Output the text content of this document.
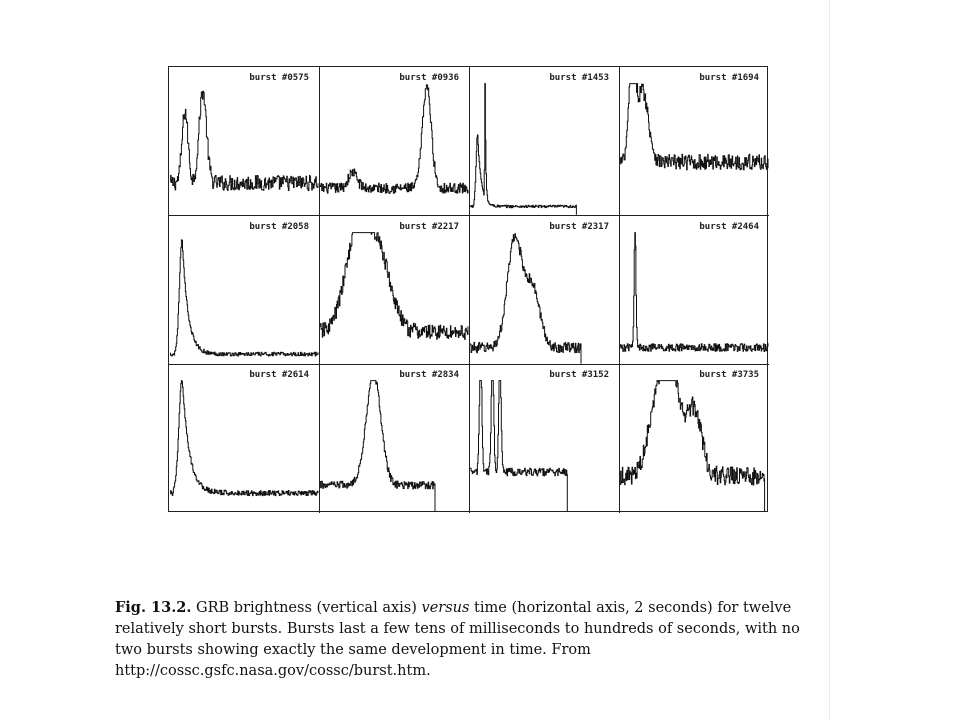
burst #0575	burst #0936	burst #1453	burst #1694
burst #2058	burst #2217	burst #2317	burst #2464
burst #2614	burst #2834	burst #3152	burst #3735
Fig. 13.2. GRB brightness (vertical axis) versus time (horizontal axis, 2 seconds) for twelve relatively short bursts. Bursts last a few tens of milliseconds to hundreds of seconds, with no two bursts showing exactly the same development in time. From http://cossc.gsfc.nasa.gov/cossc/burst.htm.
